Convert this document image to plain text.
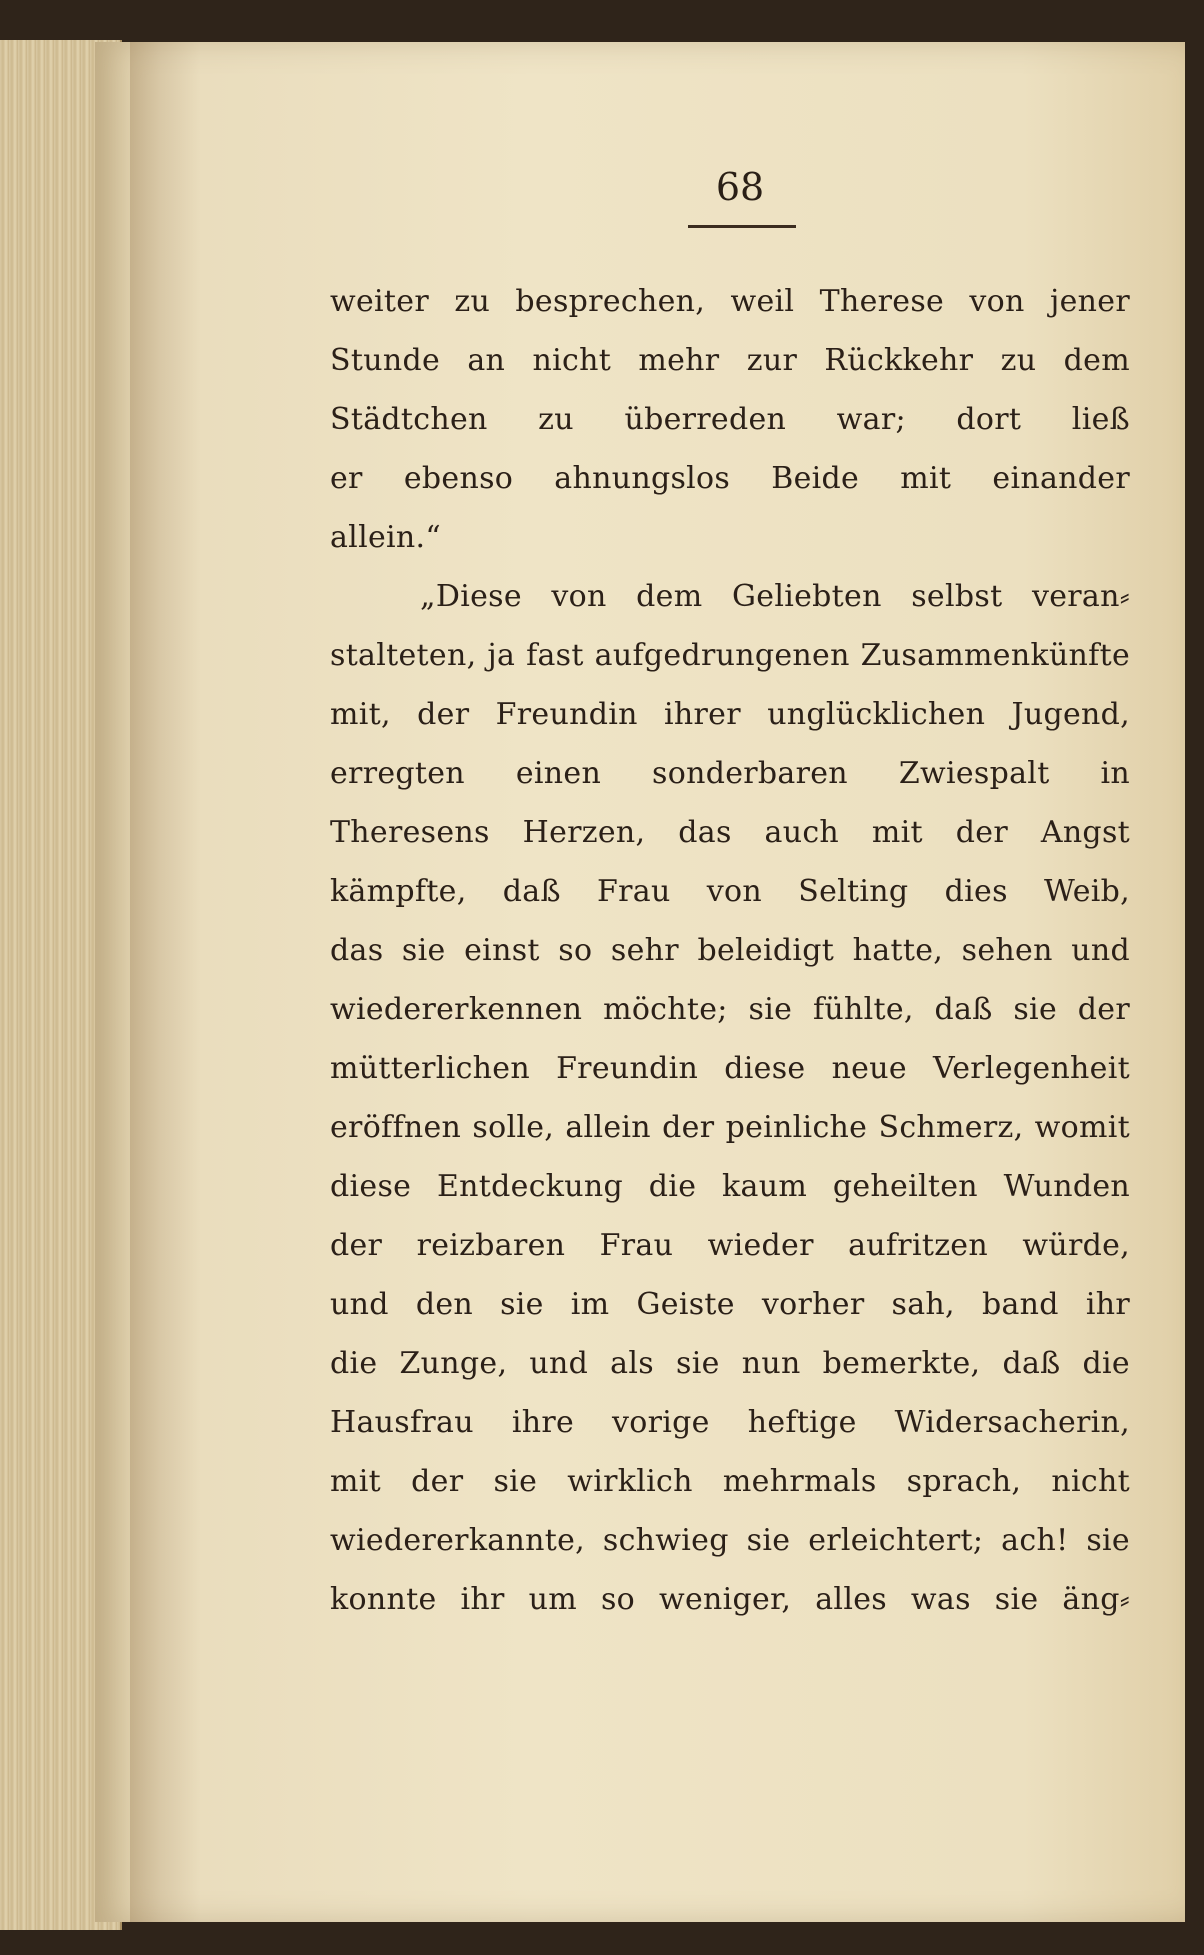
68
weiter zu besprechen, weil Therese von jener
Stunde an nicht mehr zur Rückkehr zu dem
Städtchen zu überreden war; dort ließ
er ebenso ahnungslos Beide mit einander
allein.“
„Diese von dem Geliebten selbst veran⸗
stalteten, ja fast aufgedrungenen Zusammenkünfte
mit, der Freundin ihrer unglücklichen Jugend,
erregten einen sonderbaren Zwiespalt in
Theresens Herzen, das auch mit der Angst
kämpfte, daß Frau von Selting dies Weib,
das sie einst so sehr beleidigt hatte, sehen und
wiedererkennen möchte; sie fühlte, daß sie der
mütterlichen Freundin diese neue Verlegenheit
eröffnen solle, allein der peinliche Schmerz, womit
diese Entdeckung die kaum geheilten Wunden
der reizbaren Frau wieder aufritzen würde,
und den sie im Geiste vorher sah, band ihr
die Zunge, und als sie nun bemerkte, daß die
Hausfrau ihre vorige heftige Widersacherin,
mit der sie wirklich mehrmals sprach, nicht
wiedererkannte, schwieg sie erleichtert; ach! sie
konnte ihr um so weniger, alles was sie äng⸗
